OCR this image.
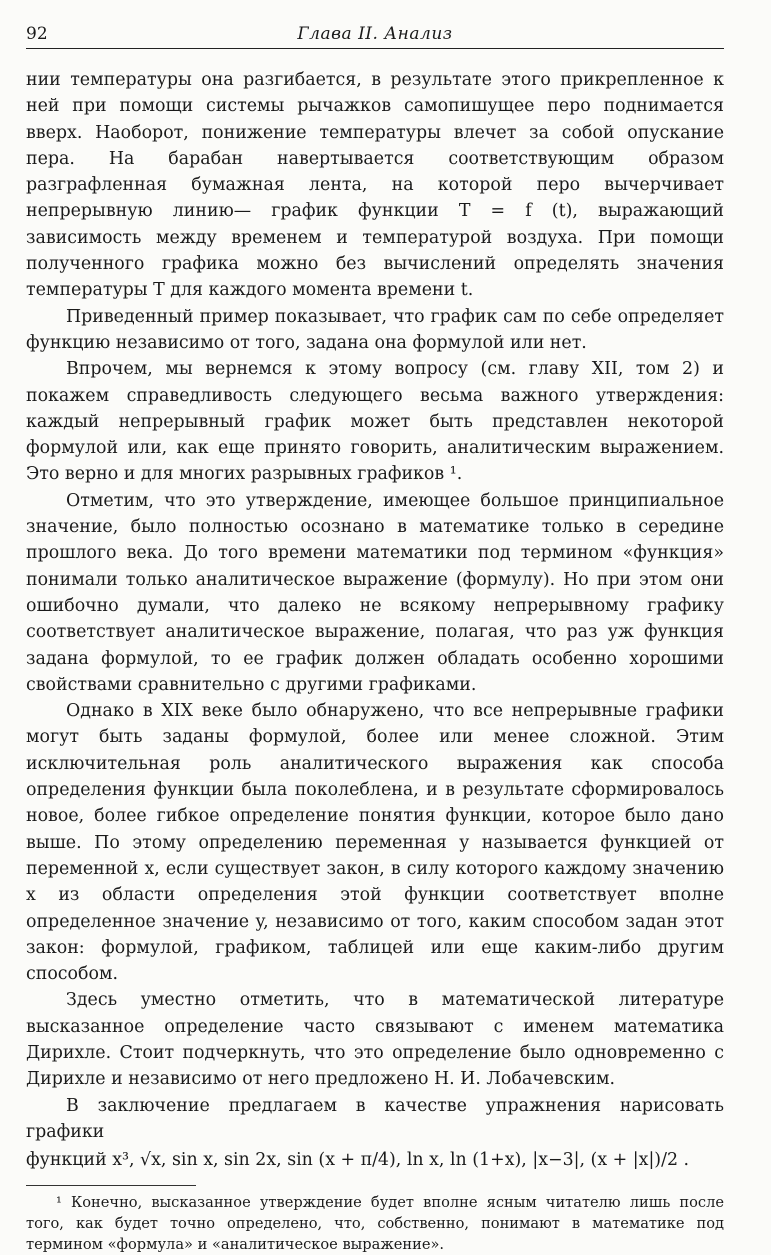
92	Глава II. Анализ

нии температуры она разгибается, в результате этого прикрепленное к ней при помощи системы рычажков самопишущее перо поднимается вверх. Наоборот, понижение температуры влечет за собой опускание пера. На барабан навертывается соответствующим образом разграфленная бумажная лента, на которой перо вычерчивает непрерывную линию— график функции T = f (t), выражающий зависимость между временем и температурой воздуха. При помощи полученного графика можно без вычислений определять значения температуры T для каждого момента времени t.

Приведенный пример показывает, что график сам по себе определяет функцию независимо от того, задана она формулой или нет.

Впрочем, мы вернемся к этому вопросу (см. главу XII, том 2) и покажем справедливость следующего весьма важного утверждения: каждый непрерывный график может быть представлен некоторой формулой или, как еще принято говорить, аналитическим выражением. Это верно и для многих разрывных графиков ¹.

Отметим, что это утверждение, имеющее большое принципиальное значение, было полностью осознано в математике только в середине прошлого века. До того времени математики под термином «функция» понимали только аналитическое выражение (формулу). Но при этом они ошибочно думали, что далеко не всякому непрерывному графику соответствует аналитическое выражение, полагая, что раз уж функция задана формулой, то ее график должен обладать особенно хорошими свойствами сравнительно с другими графиками.

Однако в XIX веке было обнаружено, что все непрерывные графики могут быть заданы формулой, более или менее сложной. Этим исключительная роль аналитического выражения как способа определения функции была поколеблена, и в результате сформировалось новое, более гибкое определение понятия функции, которое было дано выше. По этому определению переменная y называется функцией от переменной x, если существует закон, в силу которого каждому значению x из области определения этой функции соответствует вполне определенное значение y, независимо от того, каким способом задан этот закон: формулой, графиком, таблицей или еще каким-либо другим способом.

Здесь уместно отметить, что в математической литературе высказанное определение часто связывают с именем математика Дирихле. Стоит подчеркнуть, что это определение было одновременно с Дирихле и независимо от него предложено Н. И. Лобачевским.

В заключение предлагаем в качестве упражнения нарисовать графики

функций x³, √x, sin x, sin 2x, sin (x + π/4), ln x, ln (1+x), |x−3|, (x + |x|)/2 .

¹ Конечно, высказанное утверждение будет вполне ясным читателю лишь после того, как будет точно определено, что, собственно, понимают в математике под термином «формула» и «аналитическое выражение».
